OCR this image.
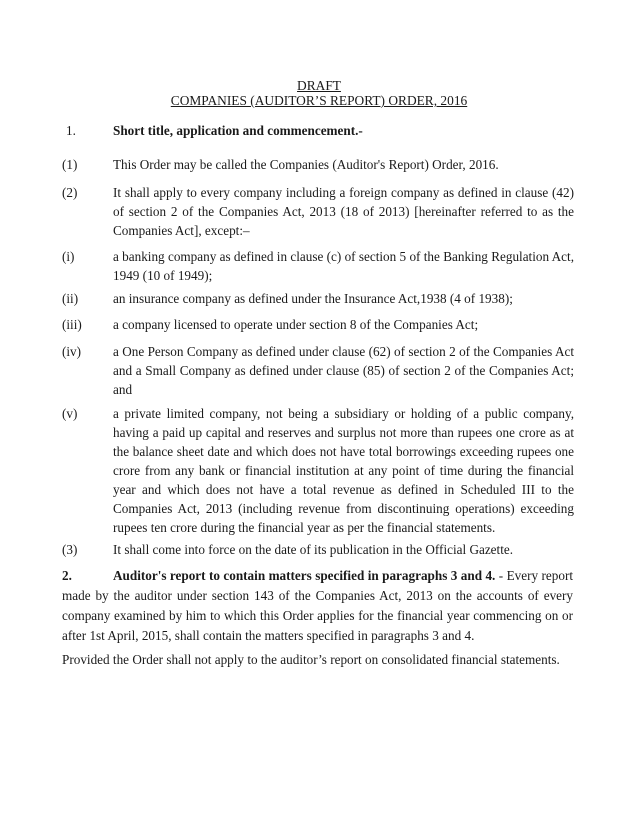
DRAFT
COMPANIES (AUDITOR’S REPORT) ORDER, 2016
1.	Short title, application and commencement.-
(1)	This Order may be called the Companies (Auditor's Report) Order, 2016.
(2)	It shall apply to every company including a foreign company as defined in clause (42) of section 2 of the Companies Act, 2013 (18 of 2013) [hereinafter referred to as the Companies Act], except:–
(i)	a banking company as defined in clause (c) of section 5 of the Banking Regulation Act, 1949 (10 of 1949);
(ii)	an insurance company as defined under the Insurance Act,1938 (4 of 1938);
(iii) a company licensed to operate under section 8 of the Companies Act;
(iv) a One Person Company as defined under clause (62) of section 2 of the Companies Act and a Small Company as defined under clause (85) of section 2 of the Companies Act; and
(v)	a private limited company, not being a subsidiary or holding of a public company, having a paid up capital and reserves and surplus not more than rupees one crore as at the balance sheet date and which does not have total borrowings exceeding rupees one crore from any bank or financial institution at any point of time during the financial year and which does not have a total revenue as defined in Scheduled III to the Companies Act, 2013 (including revenue from discontinuing operations) exceeding rupees ten crore during the financial year as per the financial statements.
(3)	It shall come into force on the date of its publication in the Official Gazette.
2.	Auditor's report to contain matters specified in paragraphs 3 and 4. - Every report made by the auditor under section 143 of the Companies Act, 2013 on the accounts of every company examined by him to which this Order applies for the financial year commencing on or after 1st April, 2015, shall contain the matters specified in paragraphs 3 and 4.
Provided the Order shall not apply to the auditor’s report on consolidated financial statements.
